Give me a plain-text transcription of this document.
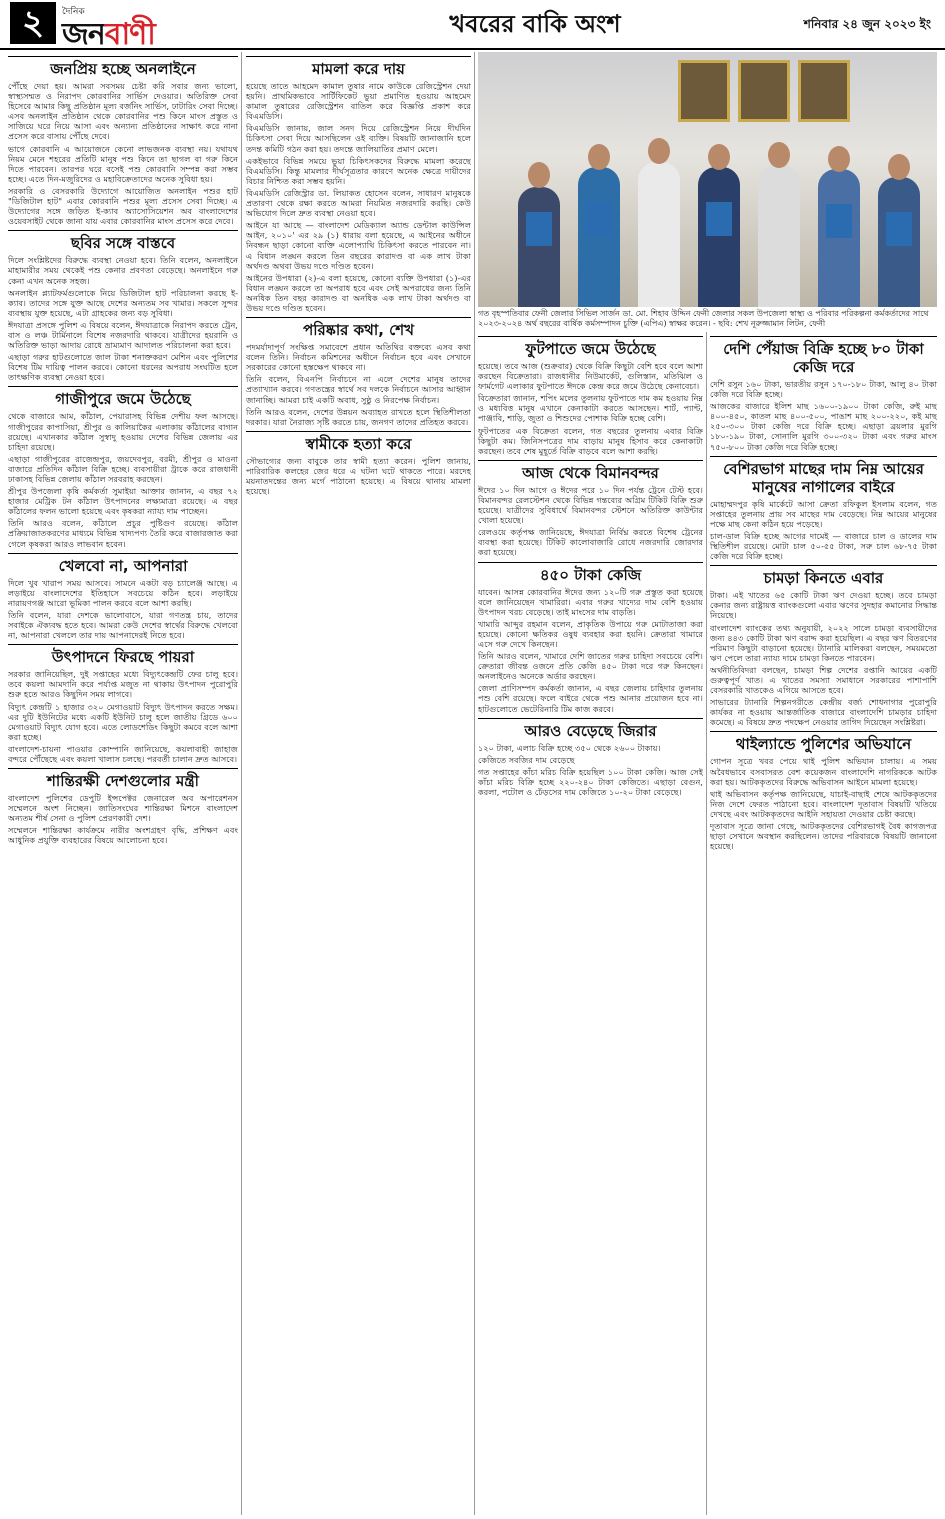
২	দৈনিক
জনবাণী	খবরের বাকি অংশ	শনিবার ২৪ জুন ২০২৩ ইং
জনপ্রিয় হচ্ছে অনলাইনে

পৌঁছে দেয়া হয়। আমরা সবসময় চেষ্টা করি সবার জন্য ভালো, স্বাস্থ্যসম্মত ও নিরাপদ কোরবানির সার্ভিস দেওয়ার। অতিরিক্ত সেবা হিসেবে আমার কিছু প্রতিষ্ঠান মূল্য বর্জনিং সার্ভিস, ঢাটারিং সেবা দিচ্ছে। এসব অনলাইন প্রতিষ্ঠান থেকে কোরবানির পশু কিনে মাংস প্রস্তুত ও সাজিয়ে ঘরে নিয়ে আসা এবং অন্যান্য প্রতিষ্ঠানের সাক্ষাৎ করে নানা প্রসেস করে বাসায় পৌঁছে দেবে।

ভাগে কোরবানি এ আয়োজনে কেনো লাভজনক ব্যবস্থা নয়। যথাযথ নিয়ম মেনে শহরের প্রতিটি মানুষ পশু কিনে তা ছাগল বা গরু কিনে দিতে পারবেন। তারপর ঘরে বসেই পশু কোরবানি সম্পন্ন করা সম্ভব হচ্ছে। এতে দিন-মজুরিদের ও মহাবিক্রেতাদের অনেক সুবিধা হয়।

সরকারি ও বেসরকারি উদ্যোগে আয়োজিত অনলাইন পশুর হাট "ডিজিটাল হাট" এবার কোরবানি পশুর মূল্য প্রসেস সেবা দিচ্ছে। এ উদ্যোগের সঙ্গে জড়িত ই-ক্যাব অ্যাসোসিয়েশন অব বাংলাদেশের ওয়েবসাইট থেকে জানা যায় এবার কোরবানির মাংস প্রসেস করে দেবে।

ছবির সঙ্গে বাস্তবে

দিলে সংশ্লিষ্টদের বিরুদ্ধে ব্যবস্থা নেওয়া হবে। তিনি বলেন, অনলাইনে মাহামারীর সময় থেকেই পশু কেনার প্রবণতা বেড়েছে। অনলাইনে গরু কেনা এখন অনেক সহজ।

অনলাইন প্ল্যাটফর্মগুলোকে নিয়ে ডিজিটাল হাট পরিচালনা করছে ই-ক্যাব। তাদের সঙ্গে যুক্ত আছে দেশের অন্যতম সব খামার। সকলে সুন্দর ব্যবস্থায় যুক্ত হয়েছে, এটা গ্রাহকের জন্য বড় সুবিধা।

ঈদযাত্রা প্রসঙ্গে পুলিশ এ বিষয়ে বলেন, ঈদযাত্রাকে নিরাপদ করতে ট্রেন, বাস ও লঞ্চ টার্মিনালে বিশেষ নজরদারি থাকবে। যাত্রীদের হয়রানি ও অতিরিক্ত ভাড়া আদায় রোধে ভ্রাম্যমাণ আদালত পরিচালনা করা হবে।

এছাড়া গরুর হাটগুলোতে জাল টাকা শনাক্তকরণ মেশিন এবং পুলিশের বিশেষ টিম দায়িত্ব পালন করবে। কোনো ধরনের অপরাধ সংঘটিত হলে তাৎক্ষণিক ব্যবস্থা নেওয়া হবে।

গাজীপুরে জমে উঠেছে

থেকে বাজারে আম, কাঁঠাল, পেয়ারাসহ বিভিন্ন দেশীয় ফল আসছে। গাজীপুরের কাপাসিয়া, শ্রীপুর ও কালিয়াকৈর এলাকায় কাঁঠালের বাগান রয়েছে। এখানকার কাঁঠাল সুস্বাদু হওয়ায় দেশের বিভিন্ন জেলায় এর চাহিদা রয়েছে।

এছাড়া গাজীপুরের রাজেন্দ্রপুর, জয়দেবপুর, বরমী, শ্রীপুর ও মাওনা বাজারে প্রতিদিন কাঁঠাল বিক্রি হচ্ছে। ব্যবসায়ীরা ট্রাকে করে রাজধানী ঢাকাসহ বিভিন্ন জেলায় কাঁঠাল সরবরাহ করছেন।

শ্রীপুর উপজেলা কৃষি কর্মকর্তা সুমাইয়া আক্তার জানান, এ বছর ৭২ হাজার মেট্রিক টন কাঁঠাল উৎপাদনের লক্ষ্যমাত্রা রয়েছে। এ বছর কাঁঠালের ফলন ভালো হয়েছে এবং কৃষকরা ন্যায্য দাম পাচ্ছেন।

তিনি আরও বলেন, কাঁঠালে প্রচুর পুষ্টিগুণ রয়েছে। কাঁঠাল প্রক্রিয়াজাতকরণের মাধ্যমে বিভিন্ন খাদ্যপণ্য তৈরি করে বাজারজাত করা গেলে কৃষকরা আরও লাভবান হবেন।

খেলবো না, আপনারা

দিলে খুব খারাপ সময় আসবে। সামনে একটা বড় চ্যালেঞ্জ আছে। এ লড়াইয়ে বাংলাদেশের ইতিহাসে সবচেয়ে কঠিন হবে। লড়াইয়ে নারায়ণগঞ্জ আরো ভূমিকা পালন করবে বলে আশা করছি।

তিনি বলেন, যারা দেশকে ভালোবাসে, যারা গণতন্ত্র চায়, তাদের সবাইকে ঐক্যবদ্ধ হতে হবে। আমরা কেউ দেশের স্বার্থের বিরুদ্ধে খেলবো না, আপনারা খেললে তার দায় আপনাদেরই নিতে হবে।

উৎপাদনে ফিরছে পায়রা

সরকার জানিয়েছিল, দুই সপ্তাহের মধ্যে বিদ্যুৎকেন্দ্রটি ফের চালু হবে। তবে কয়লা আমদানি করে পর্যাপ্ত মজুত না থাকায় উৎপাদন পুরোপুরি শুরু হতে আরও কিছুদিন সময় লাগবে।

বিদ্যুৎ কেন্দ্রটি ১ হাজার ৩২০ মেগাওয়াট বিদ্যুৎ উৎপাদন করতে সক্ষম। এর দুটি ইউনিটের মধ্যে একটি ইউনিট চালু হলে জাতীয় গ্রিডে ৬০০ মেগাওয়াট বিদ্যুৎ যোগ হবে। এতে লোডশেডিং কিছুটা কমবে বলে আশা করা হচ্ছে।

বাংলাদেশ-চায়না পাওয়ার কোম্পানি জানিয়েছে, কয়লাবাহী জাহাজ বন্দরে পৌঁছেছে এবং কয়লা খালাস চলছে। পরবর্তী চালান দ্রুত আসবে।

শান্তিরক্ষী দেশগুলোর মন্ত্রী

বাংলাদেশ পুলিশের ডেপুটি ইন্সপেক্টর জেনারেল অব অপারেশনস সম্মেলনে অংশ নিচ্ছেন। জাতিসংঘের শান্তিরক্ষা মিশনে বাংলাদেশ অন্যতম শীর্ষ সেনা ও পুলিশ প্রেরণকারী দেশ।

সম্মেলনে শান্তিরক্ষা কার্যক্রমে নারীর অংশগ্রহণ বৃদ্ধি, প্রশিক্ষণ এবং আধুনিক প্রযুক্তি ব্যবহারের বিষয়ে আলোচনা হবে।

মামলা করে দায়

হয়েছে তাতে আহমেদ কামাল তুষার নামে কাউকে রেজিস্ট্রেশন দেয়া হয়নি। প্রাথমিকভাবে সার্টিফিকেট ভুয়া প্রমাণিত হওয়ায় আহমেদ কামাল তুষারের রেজিস্ট্রেশন বাতিল করে বিজ্ঞপ্তি প্রকাশ করে বিএমডিসি।

বিএমডিসি জানায়, জাল সনদ দিয়ে রেজিস্ট্রেশন নিয়ে দীর্ঘদিন চিকিৎসা সেবা দিয়ে আসছিলেন ওই ব্যক্তি। বিষয়টি জানাজানি হলে তদন্ত কমিটি গঠন করা হয়। তদন্তে জালিয়াতির প্রমাণ মেলে।

একইভাবে বিভিন্ন সময়ে ভুয়া চিকিৎসকদের বিরুদ্ধে মামলা করেছে বিএমডিসি। কিন্তু মামলার দীর্ঘসূত্রতার কারণে অনেক ক্ষেত্রে দায়ীদের বিচার নিশ্চিত করা সম্ভব হয়নি।

বিএমডিসি রেজিস্ট্রার ডা. লিয়াকত হোসেন বলেন, সাধারণ মানুষকে প্রতারণা থেকে রক্ষা করতে আমরা নিয়মিত নজরদারি করছি। কেউ অভিযোগ দিলে দ্রুত ব্যবস্থা নেওয়া হবে।

আইনে যা আছে — বাংলাদেশ মেডিক্যাল অ্যান্ড ডেন্টাল কাউন্সিল আইন, ২০১০' এর ২৯ (১) ধারায় বলা হয়েছে, এ আইনের অধীনে নিবন্ধন ছাড়া কোনো ব্যক্তি এলোপ্যাথি চিকিৎসা করতে পারবেন না। এ বিধান লঙ্ঘন করলে তিন বছরের কারাদণ্ড বা এক লাখ টাকা অর্থদণ্ড অথবা উভয় দণ্ডে দণ্ডিত হবেন।

আইনের উপধারা (২)-এ বলা হয়েছে, কোনো ব্যক্তি উপধারা (১)-এর বিধান লঙ্ঘন করলে তা অপরাধ হবে এবং সেই অপরাধের জন্য তিনি অনধিক তিন বছর কারাদণ্ড বা অনধিক এক লাখ টাকা অর্থদণ্ড বা উভয় দণ্ডে দণ্ডিত হবেন।

পরিষ্কার কথা, শেখ

পদমর্যাদাপূর্ণ সংক্ষিপ্ত সমাবেশে প্রধান অতিথির বক্তব্যে এসব কথা বলেন তিনি। নির্বাচন কমিশনের অধীনে নির্বাচন হবে এবং সেখানে সরকারের কোনো হস্তক্ষেপ থাকবে না।

তিনি বলেন, বিএনপি নির্বাচনে না এলে দেশের মানুষ তাদের প্রত্যাখ্যান করবে। গণতন্ত্রের স্বার্থে সব দলকে নির্বাচনে আসার আহ্বান জানাচ্ছি। আমরা চাই একটি অবাধ, সুষ্ঠু ও নিরপেক্ষ নির্বাচন।

তিনি আরও বলেন, দেশের উন্নয়ন অব্যাহত রাখতে হলে স্থিতিশীলতা দরকার। যারা নৈরাজ্য সৃষ্টি করতে চায়, জনগণ তাদের প্রতিহত করবে।

স্বামীকে হত্যা করে

সৌভাগ্যের জন্য বাবুকে তার স্বামী হত্যা করেন। পুলিশ জানায়, পারিবারিক কলহের জের ধরে এ ঘটনা ঘটে থাকতে পারে। মরদেহ ময়নাতদন্তের জন্য মর্গে পাঠানো হয়েছে। এ বিষয়ে থানায় মামলা হয়েছে।

গত বৃহস্পতিবার ফেনী জেলার সিভিল সার্জন ডা. মো. শিহাব উদ্দিন ফেনী জেলার সকল উপজেলা স্বাস্থ্য ও পরিবার পরিকল্পনা কর্মকর্তাদের সাথে ২০২৩-২০২৪ অর্থ বছরের বার্ষিক কর্মসম্পাদন চুক্তি (এপিএ) স্বাক্ষর করেন। - ছবি: শেখ নূরুজ্জামান লিটন, ফেনী
ফুটপাতে জমে উঠেছে

হয়েছে। তবে আজ (শুক্রবার) থেকে বিক্রি কিছুটা বেশি হবে বলে আশা করছেন বিক্রেতারা। রাজধানীর নিউমার্কেট, গুলিস্তান, মতিঝিল ও ফার্মগেট এলাকার ফুটপাতে ঈদকে কেন্দ্র করে জমে উঠেছে কেনাবেচা।

বিক্রেতারা জানান, শপিং মলের তুলনায় ফুটপাতে দাম কম হওয়ায় নিম্ন ও মধ্যবিত্ত মানুষ এখানে কেনাকাটা করতে আসছেন। শার্ট, প্যান্ট, পাঞ্জাবি, শাড়ি, জুতা ও শিশুদের পোশাক বিক্রি হচ্ছে বেশি।

ফুটপাতের এক বিক্রেতা বলেন, গত বছরের তুলনায় এবার বিক্রি কিছুটা কম। জিনিসপত্রের দাম বাড়ায় মানুষ হিসাব করে কেনাকাটা করছেন। তবে শেষ মুহূর্তে বিক্রি বাড়বে বলে আশা করছি।

আজ থেকে বিমানবন্দর

ঈদের ১০ দিন আগে ও ঈদের পরে ১০ দিন পর্যন্ত ট্রেনে টেস্ট হবে। বিমানবন্দর রেলস্টেশন থেকে বিভিন্ন গন্তব্যের অগ্রিম টিকিট বিক্রি শুরু হয়েছে। যাত্রীদের সুবিধার্থে বিমানবন্দর স্টেশনে অতিরিক্ত কাউন্টার খোলা হয়েছে।

রেলওয়ে কর্তৃপক্ষ জানিয়েছে, ঈদযাত্রা নির্বিঘ্ন করতে বিশেষ ট্রেনের ব্যবস্থা করা হয়েছে। টিকিট কালোবাজারি রোধে নজরদারি জোরদার করা হয়েছে।

৪৫০ টাকা কেজি

যাবেন। আসন্ন কোরবানির ঈদের জন্য ১২০টি গরু প্রস্তুত করা হয়েছে বলে জানিয়েছেন খামারিরা। এবার গরুর খাদ্যের দাম বেশি হওয়ায় উৎপাদন খরচ বেড়েছে। তাই মাংসের দাম বাড়তি।

খামারি আব্দুর রহমান বলেন, প্রাকৃতিক উপায়ে গরু মোটাতাজা করা হয়েছে। কোনো ক্ষতিকর ওষুধ ব্যবহার করা হয়নি। ক্রেতারা খামারে এসে গরু দেখে কিনছেন।

তিনি আরও বলেন, খামারে দেশি জাতের গরুর চাহিদা সবচেয়ে বেশি। ক্রেতারা জীবন্ত ওজনে প্রতি কেজি ৪৫০ টাকা দরে গরু কিনছেন। অনলাইনেও অনেকে অর্ডার করছেন।

জেলা প্রাণিসম্পদ কর্মকর্তা জানান, এ বছর জেলায় চাহিদার তুলনায় পশু বেশি রয়েছে। ফলে বাইরে থেকে পশু আনার প্রয়োজন হবে না। হাটগুলোতে ভেটেরিনারি টিম কাজ করবে।

আরও বেড়েছে জিরার

১২০ টাকা, এলাচ বিক্রি হচ্ছে ৩৫০ থেকে ২৬০০ টাকায়।

কেজিতে সবজির দাম বেড়েছে

গত সপ্তাহের কাঁচা মরিচ বিক্রি হয়েছিল ১০০ টাকা কেজি। আজ সেই কাঁচা মরিচ বিক্রি হচ্ছে ২২০-২৪০ টাকা কেজিতে। এছাড়া বেগুন, করলা, পটোল ও ঢেঁড়সের দাম কেজিতে ১০-২০ টাকা বেড়েছে।

দেশি পেঁয়াজ বিক্রি হচ্ছে ৮০ টাকা কেজি দরে

দেশি রসুন ১৬০ টাকা, ভারতীয় রসুন ১৭০-১৮০ টাকা, আলু ৪০ টাকা কেজি দরে বিক্রি হচ্ছে।

আজকের বাজারে ইলিশ মাছ ১৬০০-১৯০০ টাকা কেজি, রুই মাছ ৪০০-৪৫০, কাতল মাছ ৪০০-৫০০, পাঙাশ মাছ ২০০-২২০, কই মাছ ২৫০-৩০০ টাকা কেজি দরে বিক্রি হচ্ছে। এছাড়া ব্রয়লার মুরগি ১৮০-১৯০ টাকা, সোনালি মুরগি ৩০০-৩২০ টাকা এবং গরুর মাংস ৭৫০-৮০০ টাকা কেজি দরে বিক্রি হচ্ছে।

বেশিরভাগ মাছের দাম নিম্ন আয়ের মানুষের নাগালের বাইরে

মোহাম্মদপুর কৃষি মার্কেটে আসা ক্রেতা রফিকুল ইসলাম বলেন, গত সপ্তাহের তুলনায় প্রায় সব মাছের দাম বেড়েছে। নিম্ন আয়ের মানুষের পক্ষে মাছ কেনা কঠিন হয়ে পড়েছে।

চাল-ডাল বিক্রি হচ্ছে আগের দামেই — বাজারে চাল ও ডালের দাম স্থিতিশীল রয়েছে। মোটা চাল ৫০-৫৫ টাকা, সরু চাল ৬৮-৭৫ টাকা কেজি দরে বিক্রি হচ্ছে।

চামড়া কিনতে এবার

টাকা। এই খাতের ৬৫ কোটি টাকা ঋণ দেওয়া হচ্ছে। তবে চামড়া কেনার জন্য রাষ্ট্রায়ত্ত ব্যাংকগুলো এবার ঋণের সুদহার কমানোর সিদ্ধান্ত নিয়েছে।

বাংলাদেশ ব্যাংকের তথ্য অনুযায়ী, ২০২২ সালে চামড়া ব্যবসায়ীদের জন্য ৪৪৩ কোটি টাকা ঋণ বরাদ্দ করা হয়েছিল। এ বছর ঋণ বিতরণের পরিমাণ কিছুটা বাড়ানো হয়েছে। ট্যানারি মালিকরা বলছেন, সময়মতো ঋণ পেলে তারা ন্যায্য দামে চামড়া কিনতে পারবেন।

অর্থনীতিবিদরা বলছেন, চামড়া শিল্প দেশের রপ্তানি আয়ের একটি গুরুত্বপূর্ণ খাত। এ খাতের সমস্যা সমাধানে সরকারের পাশাপাশি বেসরকারি খাতকেও এগিয়ে আসতে হবে।

সাভারের ট্যানারি শিল্পনগরীতে কেন্দ্রীয় বর্জ্য শোধনাগার পুরোপুরি কার্যকর না হওয়ায় আন্তর্জাতিক বাজারে বাংলাদেশি চামড়ার চাহিদা কমেছে। এ বিষয়ে দ্রুত পদক্ষেপ নেওয়ার তাগিদ দিয়েছেন সংশ্লিষ্টরা।

থাইল্যান্ডে পুলিশের অভিযানে

গোপন সূত্রে খবর পেয়ে থাই পুলিশ অভিযান চালায়। এ সময় অবৈধভাবে বসবাসরত বেশ কয়েকজন বাংলাদেশি নাগরিককে আটক করা হয়। আটককৃতদের বিরুদ্ধে অভিবাসন আইনে মামলা হয়েছে।

থাই অভিবাসন কর্তৃপক্ষ জানিয়েছে, যাচাই-বাছাই শেষে আটককৃতদের নিজ দেশে ফেরত পাঠানো হবে। বাংলাদেশ দূতাবাস বিষয়টি খতিয়ে দেখছে এবং আটককৃতদের আইনি সহায়তা দেওয়ার চেষ্টা করছে।

দূতাবাস সূত্রে জানা গেছে, আটককৃতদের বেশিরভাগই বৈধ কাগজপত্র ছাড়া সেখানে অবস্থান করছিলেন। তাদের পরিবারকে বিষয়টি জানানো হয়েছে।
